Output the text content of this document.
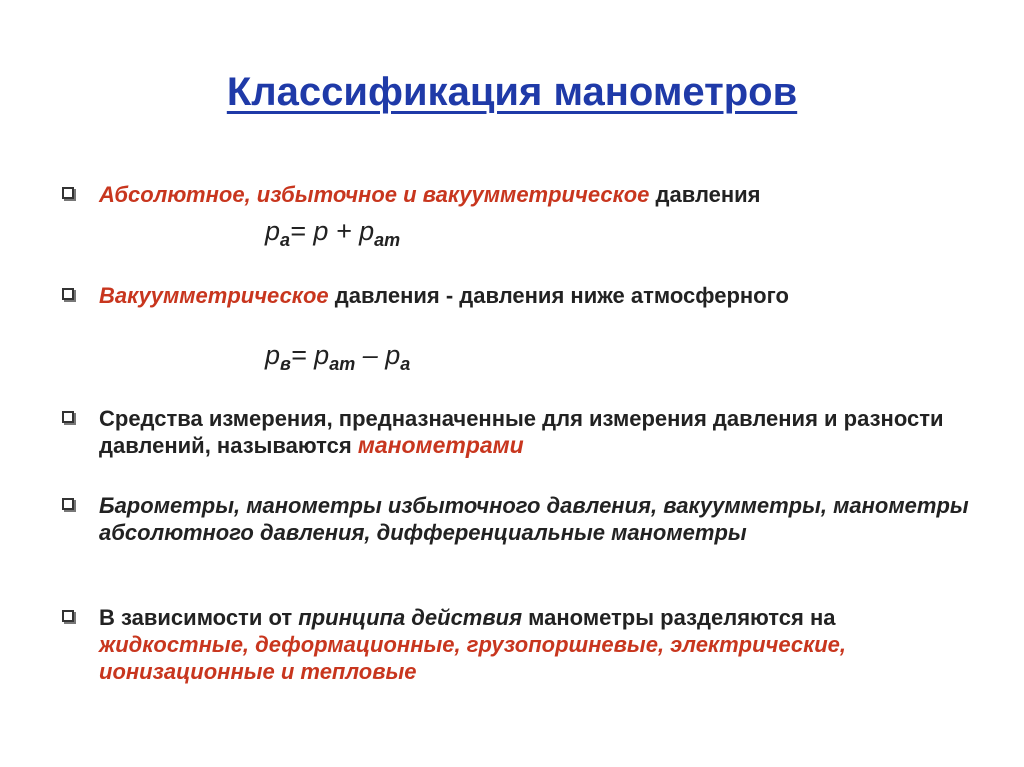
Классификация манометров
Абсолютное, избыточное и вакуумметрическое давления
$p_а= p + p_{ат}$
Вакуумметрическое давления - давления ниже атмосферного
$p_в= p_{ат} - p_а$
Средства измерения, предназначенные для измерения давления и разности давлений, называются манометрами
Барометры, манометры избыточного давления, вакуумметры, манометры абсолютного давления, дифференциальные манометры
В зависимости от принципа действия манометры разделяются на жидкостные, деформационные, грузопоршневые, электрические, ионизационные и тепловые
